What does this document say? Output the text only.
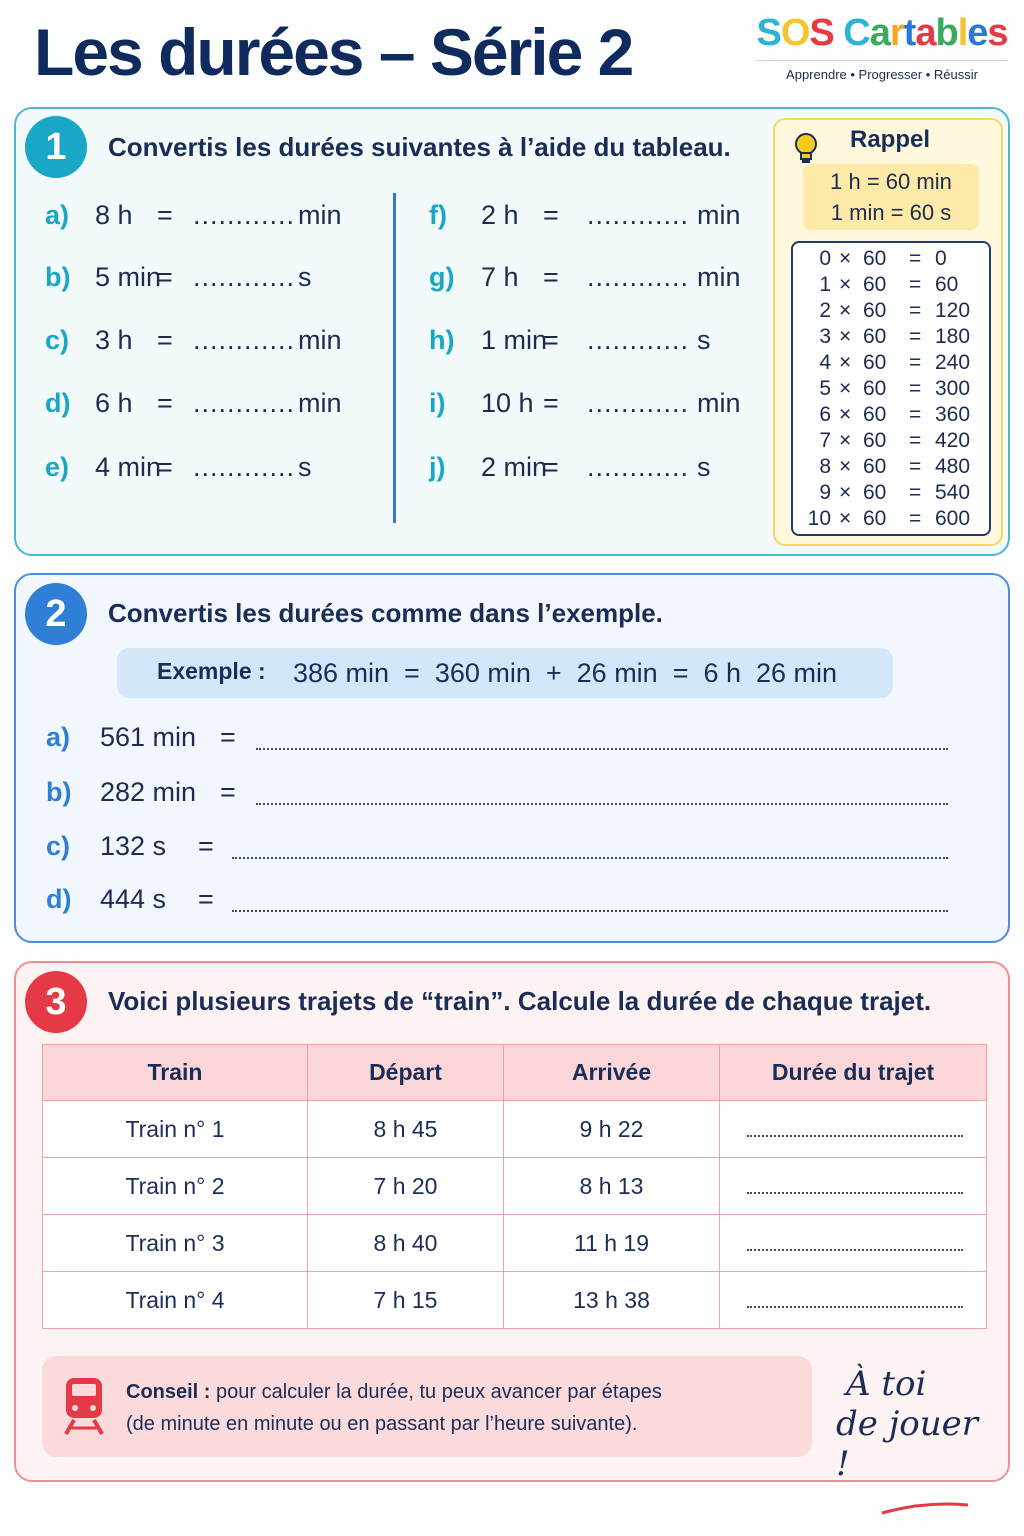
Les durées – Série 2	SOS Cartables
Apprendre • Progresser • Réussir
1	Convertis les durées suivantes à l’aide du tableau.
a) 8 h = ............ min
b) 5 min
= ............ s
c) 3 h = ............ min
d) 6 h = ............ min
e) 4 min
= ............ s
f) 2 h = ............ min
g) 7 h = ............ min
h) 1 min
= ............ s
i) 10 h = ............ min
j) 2 min
= ............ s
Rappel
1 h = 60 min
1 min = 60 s
0 × 60	= 0
1 × 60	= 60
2 × 60	= 120
3 × 60	= 180
4 × 60	= 240
5 × 60	= 300
6 × 60	= 360
7 × 60	= 420
8 × 60	= 480
9 × 60	= 540
10 × 60	= 600
2	Convertis les durées comme dans l’exemple.
Exemple : 386 min  =  360 min  +  26 min  =  6 h  26 min
a) 561 min =
b) 282 min =
c) 132 s =
d) 444 s =
3	Voici plusieurs trajets de “train”. Calcule la durée de chaque trajet.
Train	Départ	Arrivée	Durée du trajet
Train n° 1	8 h 45	9 h 22	

Train n° 2	7 h 20	8 h 13	

Train n° 3	8 h 40	11 h 19	

Train n° 4	7 h 15	13 h 38	
Conseil : pour calculer la durée, tu peux avancer par étapes
(de minute en minute ou en passant par l’heure suivante).
À toi
de jouer !
